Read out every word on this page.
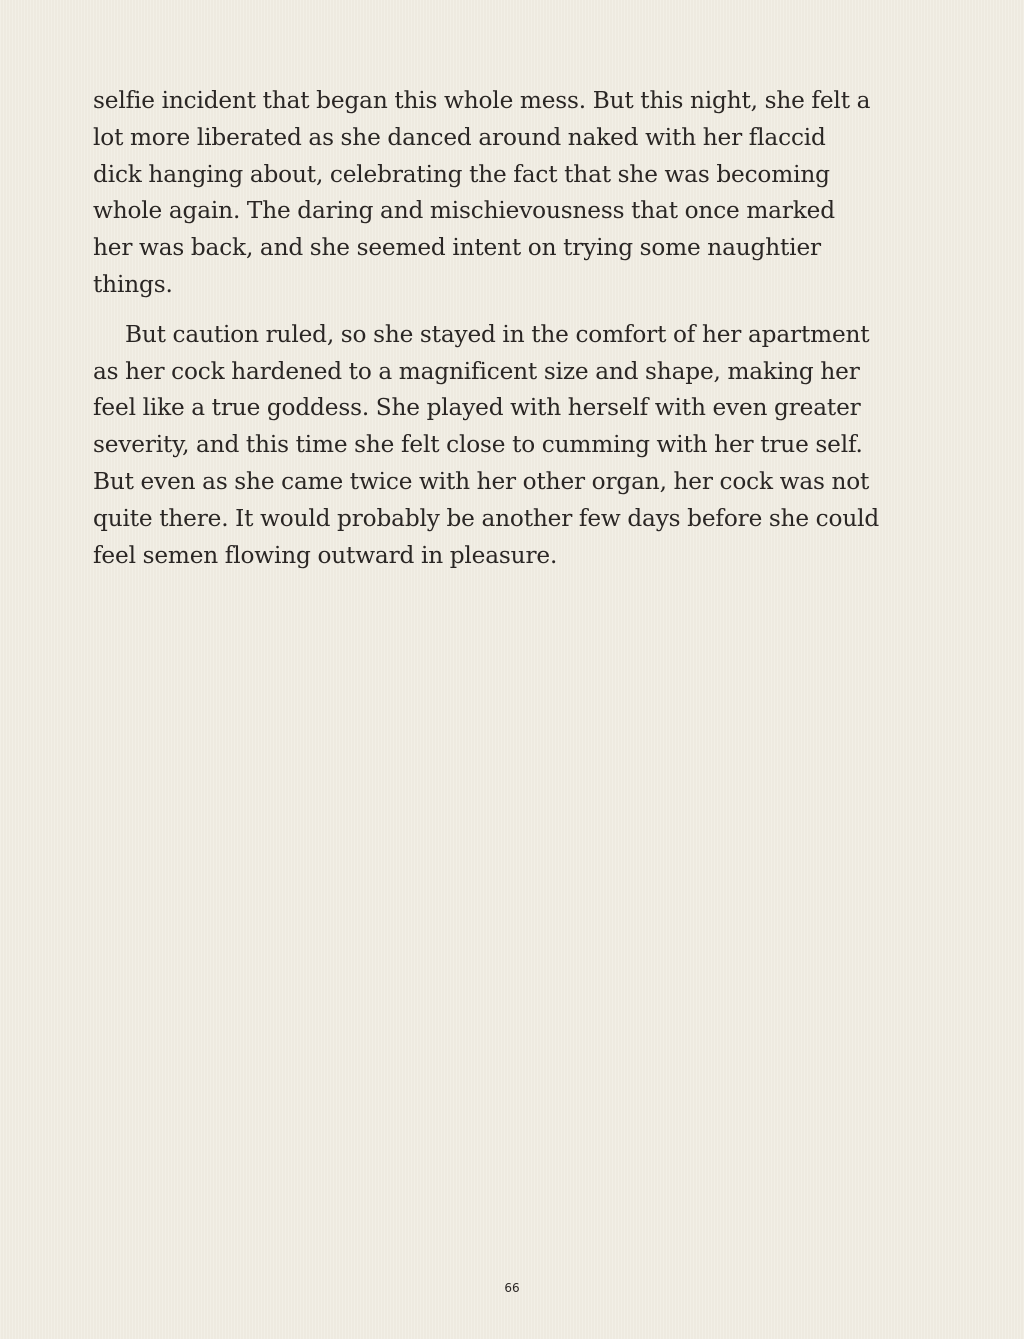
selfie incident that began this whole mess. But this night, she felt a
lot more liberated as she danced around naked with her flaccid
dick hanging about, celebrating the fact that she was becoming
whole again. The daring and mischievousness that once marked
her was back, and she seemed intent on trying some naughtier
things.

But caution ruled, so she stayed in the comfort of her apartment
as her cock hardened to a magnificent size and shape, making her
feel like a true goddess. She played with herself with even greater
severity, and this time she felt close to cumming with her true self.
But even as she came twice with her other organ, her cock was not
quite there. It would probably be another few days before she could
feel semen flowing outward in pleasure.

66
